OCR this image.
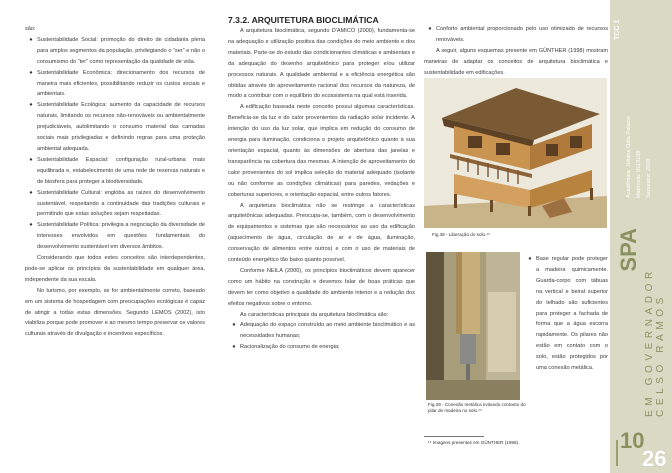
são:
● Sustentabilidade Social: promoção do direito de cidadania plena para amplos segmentos da população, privilegiando o “ser” e não o consumismo do “ter” como representação da qualidade de vida.
● Sustentabilidade Econômica: direcionamento dos recursos de maneira mais eficientes, possibilitando reduzir os custos sociais e ambientais.
● Sustentabilidade Ecológica: aumento da capacidade de recursos naturais, limitando os recursos não-renováveis ou ambientalmente prejudiciáveis, autolimitando o consumo material das camadas sociais mais privilegiadas e definindo regras para uma proteção ambiental adequada.
● Sustentabilidade Espacial: configuração rural-urbana mais equilibrada e, estabelecimento de uma rede de reservas naturais e de biosfera para proteger a biodiversidade.
● Sustentabilidade Cultural: engloba as raízes do desenvolvimento sustentável, respeitando a continuidade das tradições culturais e permitindo que estas soluções sejam respeitadas.
● Sustentabilidade Política: privilegia a negociação da diversidade de interesses envolvidos em questões fundamentais do desenvolvimento sustentável em diversos âmbitos.

Considerando que todos estes conceitos são interdependentes, pode-se aplicar os princípios da sustentabilidade em qualquer área, independente da sua escala.

No turismo, por exemplo, se for ambientalmente correto, baseado em um sistema de hospedagem com preocupações ecológicas é capaz de atingir a todas estas dimensões. Segundo LEMOS (2002), isto viabiliza porque pode promover e ao mesmo tempo preservar os valores culturais através de divulgação e incentivos específicos.

7.3.2. ARQUITETURA BIOCLIMÁTICA

A arquitetura bioclimática, segundo D'AMICO (2000), fundamenta-se na adequação e utilização positiva das condições do meio ambiente e dos materiais. Parte-se do estudo das condicionantes climáticas e ambientais e da adequação do desenho arquitetônico para proteger e/ou utilizar processos naturais. A qualidade ambiental e a eficiência energética são obtidas através do aproveitamento racional dos recursos da natureza, de modo a contribuir com o equilíbrio do ecossistema na qual está inserida.

A edificação baseada neste conceito possui algumas características. Beneficia-se da luz e do calor provenientes da radiação solar incidente. A intenção do uso da luz solar, que implica em redução do consumo de energia para iluminação, condiciona o projeto arquitetônico quanto à sua orientação espacial, quanto às dimensões de abertura das janelas e transparência na cobertura das mesmas. A intenção de aproveitamento do calor provenientes do sol implica seleção do material adequado (isolante ou não conforme as condições climáticas) para paredes, vedações e coberturas superiores, e orientação espacial, entre outros fatores.

A arquitetura bioclimática não se restringe a características arquitetônicas adequadas. Preocupa-se, também, com o desenvolvimento de equipamentos e sistemas que são necessários ao uso da edificação (aquecimento de água, circulação de ar e de água, iluminação, conservação de alimentos entre outros) e com o uso de materiais de conteúdo energético tão baixo quanto possível.

Conforme NEILA (2000), os princípios bioclimáticos devem aparecer como um hábito na construção e devemos falar de boas práticas que devem ter como objetivo a qualidade do ambiente interior e a redução dos efeitos negativos sobre o entorno.

As características principais da arquitetura bioclimática são:

● Adequação do espaço construído ao meio ambiente bioclimático e as necessidades humanas;
● Racionalização do consumo de energia;
● Conforto ambiental proporcionado pelo uso otimizado de recursos renováveis.

A seguir, alguns esquemas presente em GÜNTHER (1998) mostram maneiras de adaptar os conceitos de arquitetura bioclimática e sustentabilidade em edificações.

Fig.38 - Liberação do solo.¹⁴
Fig.39 - Conexão metálica evitando contanto do pilar de madeira no solo.¹⁴
● Base regular pode proteger a madeira quimicamente. Guarda-corpo com tábuas na vertical e beiral superior do telhado são suficientes para proteger a fachada de forma que a água escorra rapidamente. Os pilares não estão em contato com o solo, estão protegidos por uma conexão metálica.
¹⁴ Imagens presentes em GÜNTHER (1998).
TCC 1
Acadêmica: Juliana Odia Palacio Matrícula: 0113168 Semestre: 2008
SPA
EM GOVERNADOR CELSO RAMOS
10
26
